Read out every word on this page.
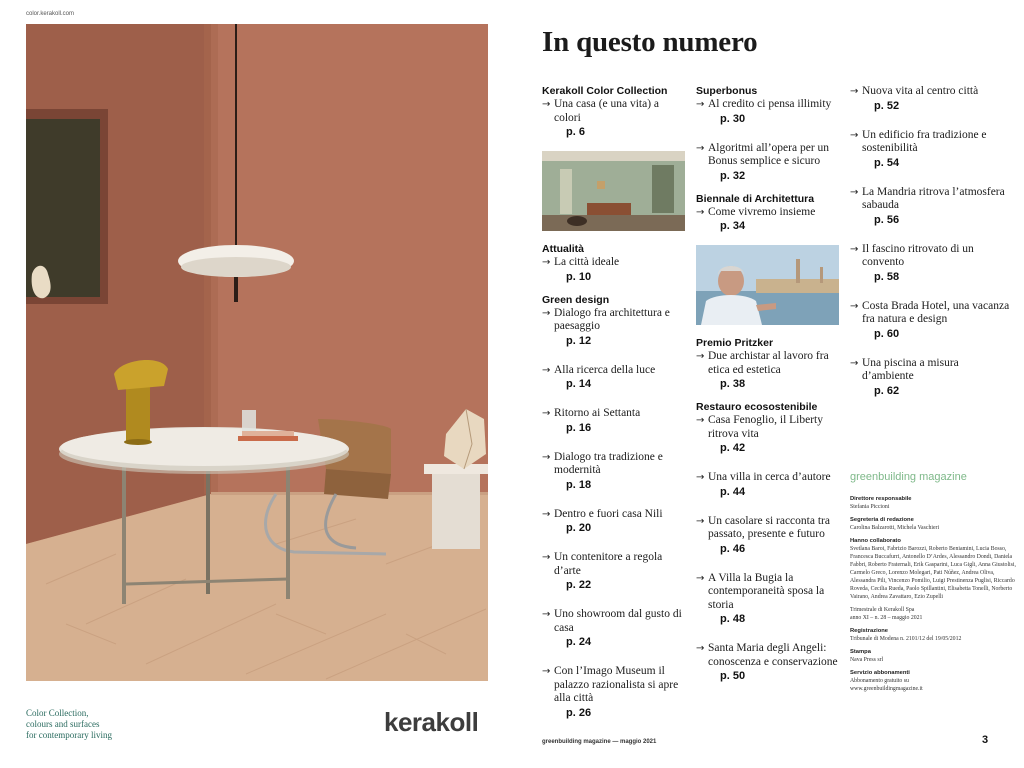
color.kerakoll.com
Color Collection,
colours and surfaces
for contemporary living	kerakoll
In questo numero
Kerakoll Color Collection
→ Una casa (e una vita) a colori
p. 6
Attualità
→ La città ideale
p. 10
Green design
→ Dialogo fra architettura e paesaggio
p. 12
→ Alla ricerca della luce
p. 14
→ Ritorno ai Settanta
p. 16
→ Dialogo tra tradizione e modernità
p. 18
→ Dentro e fuori casa Nili
p. 20
→ Un contenitore a regola d’arte
p. 22
→ Uno showroom dal gusto di casa
p. 24
→ Con l’Imago Museum il palazzo razionalista si apre alla città
p. 26
Superbonus
→ Al credito ci pensa illimity
p. 30
→ Algoritmi all’opera per un Bonus semplice e sicuro
p. 32
Biennale di Architettura
→ Come vivremo insieme
p. 34
Premio Pritzker
→ Due archistar al lavoro fra etica ed estetica
p. 38
Restauro ecosostenibile
→ Casa Fenoglio, il Liberty ritrova vita
p. 42
→ Una villa in cerca d’autore
p. 44
→ Un casolare si racconta tra passato, presente e futuro
p. 46
→ A Villa la Bugia la contemporaneità sposa la storia
p. 48
→ Santa Maria degli Angeli: conoscenza e conservazione
p. 50
→ Nuova vita al centro città
p. 52
→ Un edificio fra tradizione e sostenibilità
p. 54
→ La Mandria ritrova l’atmosfera sabauda
p. 56
→ Il fascino ritrovato di un convento
p. 58
→ Costa Brada Hotel, una vacanza fra natura e design
p. 60
→ Una piscina a misura d’ambiente
p. 62
greenbuilding magazine
Direttore responsabile
Stefania Piccioni
Segreteria di redazione
Carolina Balzarotti, Michela Vaschieri
Hanno collaborato
Svetlana Baroi, Fabrizio Barozzi, Roberto Beniamini, Lucia Bosso, Francesca Buccafurri, Antonello D’Ardes, Alessandro Dondi, Daniela Fabbri, Roberto Fraternali, Erik Gasparini, Luca Gigli, Anna Giustolisi, Carmelo Greco, Lorenzo Molegari, Pati Núñez, Andrea Oliva, Alessandra Pili, Vincenzo Pomilio, Luigi Prestinenza Puglisi, Riccardo Roveda, Cecilia Rueda, Paolo Spillantini, Elisabetta Tonelli, Norberto Vairano, Andrea Zavattaro, Ezio Zupelli
Trimestrale di Kerakoll Spa
anno XI – n. 28 – maggio 2021
Registrazione
Tribunale di Modena n. 2101/12 del 19/05/2012
Stampa
Nava Press srl
Servizio abbonamenti
Abbonamento gratuito su
www.greenbuildingmagazine.it
greenbuilding magazine — maggio 2021	3
